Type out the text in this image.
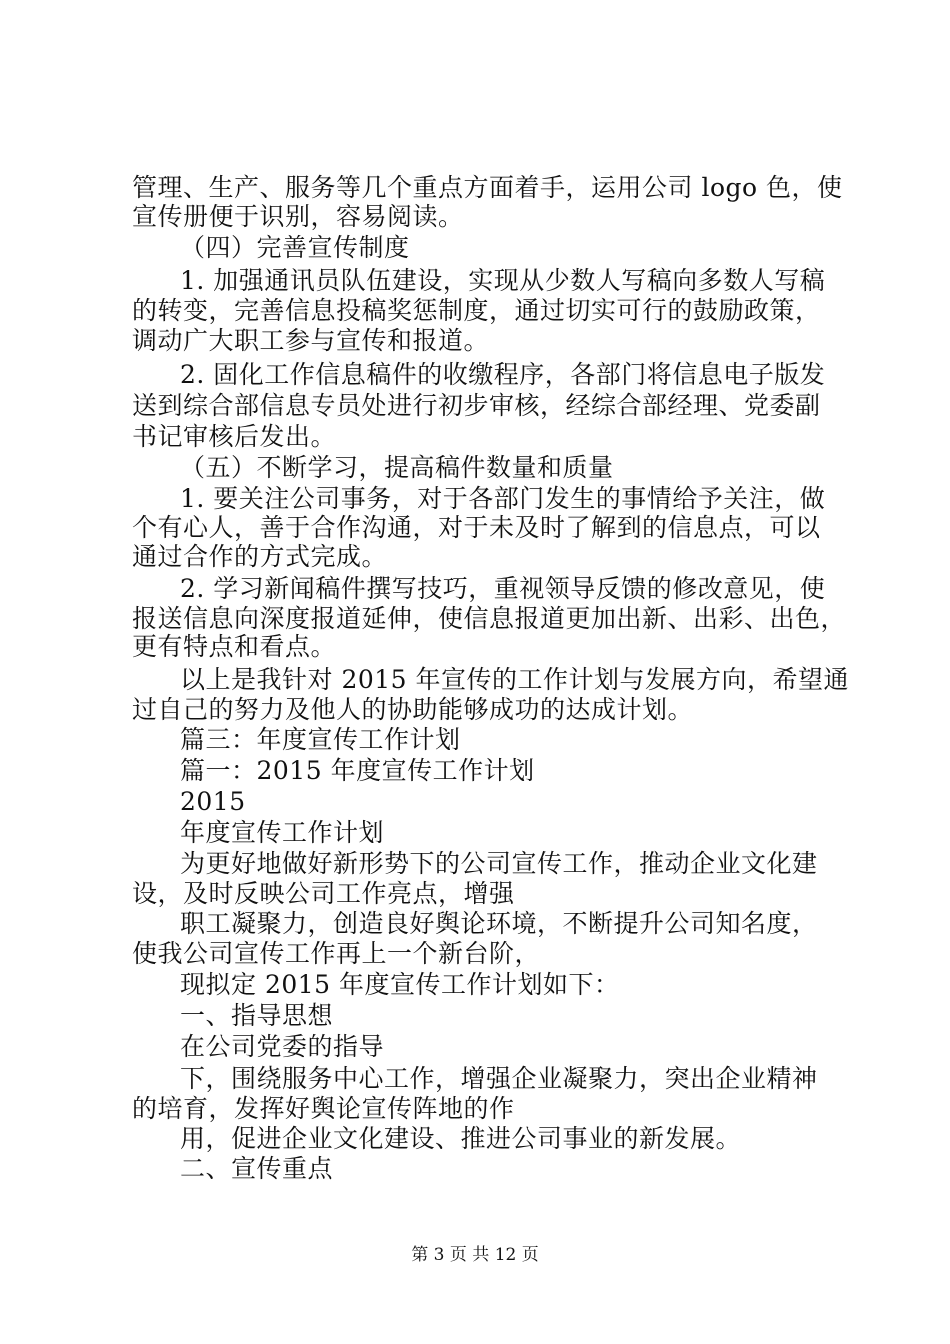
管理、生产、服务等几个重点方面着手，运用公司 logo 色，使
宣传册便于识别，容易阅读。
（四）完善宣传制度
1. 加强通讯员队伍建设，实现从少数人写稿向多数人写稿
的转变，完善信息投稿奖惩制度，通过切实可行的鼓励政策，
调动广大职工参与宣传和报道。
2. 固化工作信息稿件的收缴程序，各部门将信息电子版发
送到综合部信息专员处进行初步审核，经综合部经理、党委副
书记审核后发出。
（五）不断学习，提高稿件数量和质量
1. 要关注公司事务，对于各部门发生的事情给予关注，做
个有心人，善于合作沟通，对于未及时了解到的信息点，可以
通过合作的方式完成。
2. 学习新闻稿件撰写技巧，重视领导反馈的修改意见，使
报送信息向深度报道延伸，使信息报道更加出新、出彩、出色，
更有特点和看点。
以上是我针对 2015 年宣传的工作计划与发展方向，希望通
过自己的努力及他人的协助能够成功的达成计划。
篇三：年度宣传工作计划
篇一：2015 年度宣传工作计划
2015
年度宣传工作计划
为更好地做好新形势下的公司宣传工作，推动企业文化建
设，及时反映公司工作亮点，增强
职工凝聚力，创造良好舆论环境，不断提升公司知名度，
使我公司宣传工作再上一个新台阶，
现拟定 2015 年度宣传工作计划如下：
一、指导思想
在公司党委的指导
下，围绕服务中心工作，增强企业凝聚力，突出企业精神
的培育，发挥好舆论宣传阵地的作
用，促进企业文化建设、推进公司事业的新发展。
二、宣传重点
第 3 页 共 12 页
